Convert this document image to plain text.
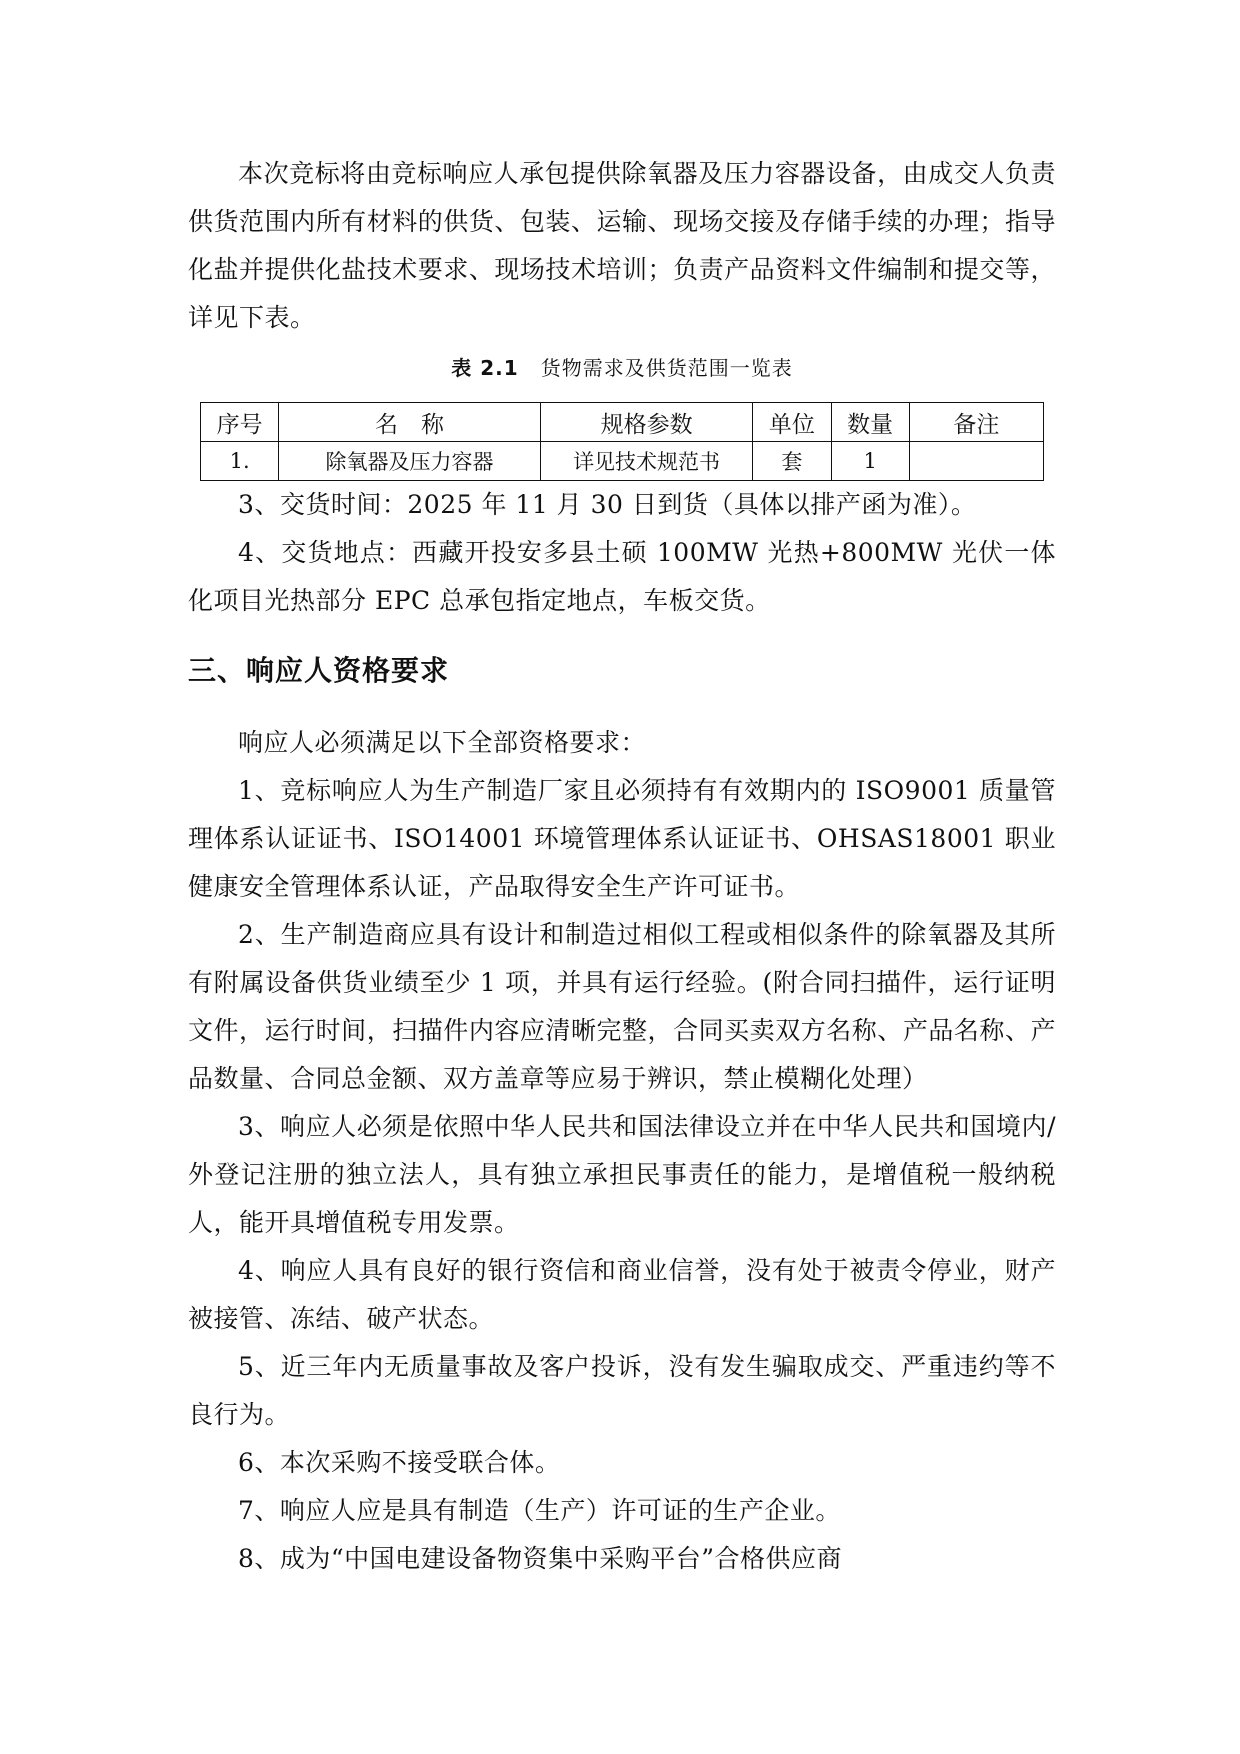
本次竞标将由竞标响应人承包提供除氧器及压力容器设备，由成交人负责供货范围内所有材料的供货、包装、运输、现场交接及存储手续的办理；指导化盐并提供化盐技术要求、现场技术培训；负责产品资料文件编制和提交等，详见下表。

表 2.1 货物需求及供货范围一览表

序号	名　称	规格参数	单位	数量	备注
1.	除氧器及压力容器	详见技术规范书	套	1	

3、交货时间：2025 年 11 月 30 日到货（具体以排产函为准）。

4、交货地点：西藏开投安多县土硕 100MW 光热+800MW 光伏一体化项目光热部分 EPC 总承包指定地点，车板交货。

三、响应人资格要求

响应人必须满足以下全部资格要求：

1、竞标响应人为生产制造厂家且必须持有有效期内的 ISO9001 质量管理体系认证证书、ISO14001 环境管理体系认证证书、OHSAS18001 职业健康安全管理体系认证，产品取得安全生产许可证书。

2、生产制造商应具有设计和制造过相似工程或相似条件的除氧器及其所有附属设备供货业绩至少 1 项，并具有运行经验。(附合同扫描件，运行证明文件，运行时间，扫描件内容应清晰完整，合同买卖双方名称、产品名称、产品数量、合同总金额、双方盖章等应易于辨识，禁止模糊化处理）

3、响应人必须是依照中华人民共和国法律设立并在中华人民共和国境内/外登记注册的独立法人，具有独立承担民事责任的能力，是增值税一般纳税人，能开具增值税专用发票。

4、响应人具有良好的银行资信和商业信誉，没有处于被责令停业，财产被接管、冻结、破产状态。

5、近三年内无质量事故及客户投诉，没有发生骗取成交、严重违约等不良行为。

6、本次采购不接受联合体。

7、响应人应是具有制造（生产）许可证的生产企业。

8、成为“中国电建设备物资集中采购平台”合格供应商
